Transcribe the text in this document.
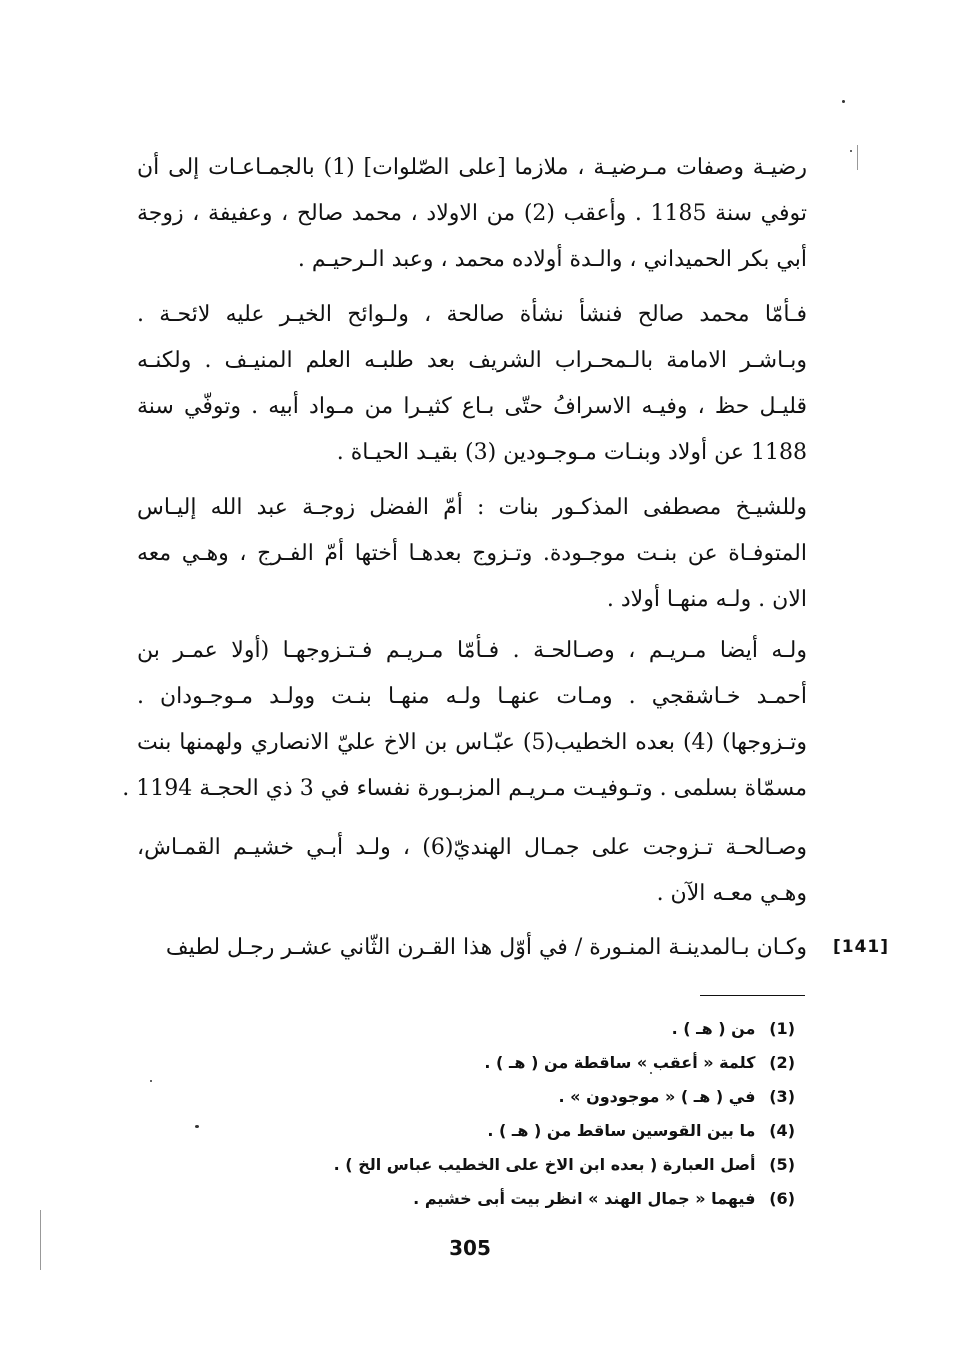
رضيـة وصفات مـرضيـة ، ملازما [على الصّلوات] (1) بالجمـاعـات إلى أن
توفي سنة 1185 . وأعقب (2) من الاولاد ، محمد صالح ، وعفيفة ، زوجة
أبي بكر الحميداني ، والـدة أولاده محمد ، وعبد الـرحيـم .
فـأمّا محمد صالح فنشأ نشأة صالحة ، ولـوائح الخيـر عليه لائحـة .
وبـاشـر الامامة بالـمحـراب الشريف بعد طلبـه العلم المنيـف . ولكنـه
قليـل حظ ، وفيـه الاسرافُ حتّى بـاع كثيـرا من مـواد أبيه . وتوفّي سنة
1188 عن أولاد وبنـات مـوجـودين (3) بقيـد الحيـاة .
وللشيـخ مصطفى المذكـور بنات : أمّ الفضل زوجـة عبد الله إليـاس
المتوفـاة عن بنـت موجـودة. وتـزوج بعدهـا أختها أمّ الفـرج ، وهـي معه
الان . ولـه منهـا أولاد .
ولـه أيضا مـريـم ، وصـالحـة . فـأمّا مـريـم فـتـزوجهـا (أولا عمـر بن
أحمـد خـاشقجي . ومـات عنهـا ولـه منهـا بنـت وولـد مـوجـودان .
وتـزوجها) (4) بعده الخطيب(5) عبّـاس بن الاخ عليّ الانصاري ولهمنها بنت
مسمّاة بسلمى . وتـوفيـت مـريـم المزبـورة نفساء في 3 ذي الحجـة 1194 .
وصـالحـة تـزوجت على جمـال الهنديّ(6) ، ولـد أبـي خشيـم القمـاش،
وهـي معـه الآن .
وكـان بـالمدينـة المنـورة / في أوّل هذا القـرن الثّاني عشـر رجـل لطيف [141]
(1) من ( هـ ) .
(2) كلمة « أعقب » ساقطة من ( هـ ) .
(3) في ( هـ ) « موجودون » .
(4) ما بين القوسين ساقط من ( هـ ) .
(5) أصل العبارة ( بعده ابن الاخ على الخطيب عباس الخ ) .
(6) فيهما « جمال الهند » انظر بيت أبى خشيم .
305
